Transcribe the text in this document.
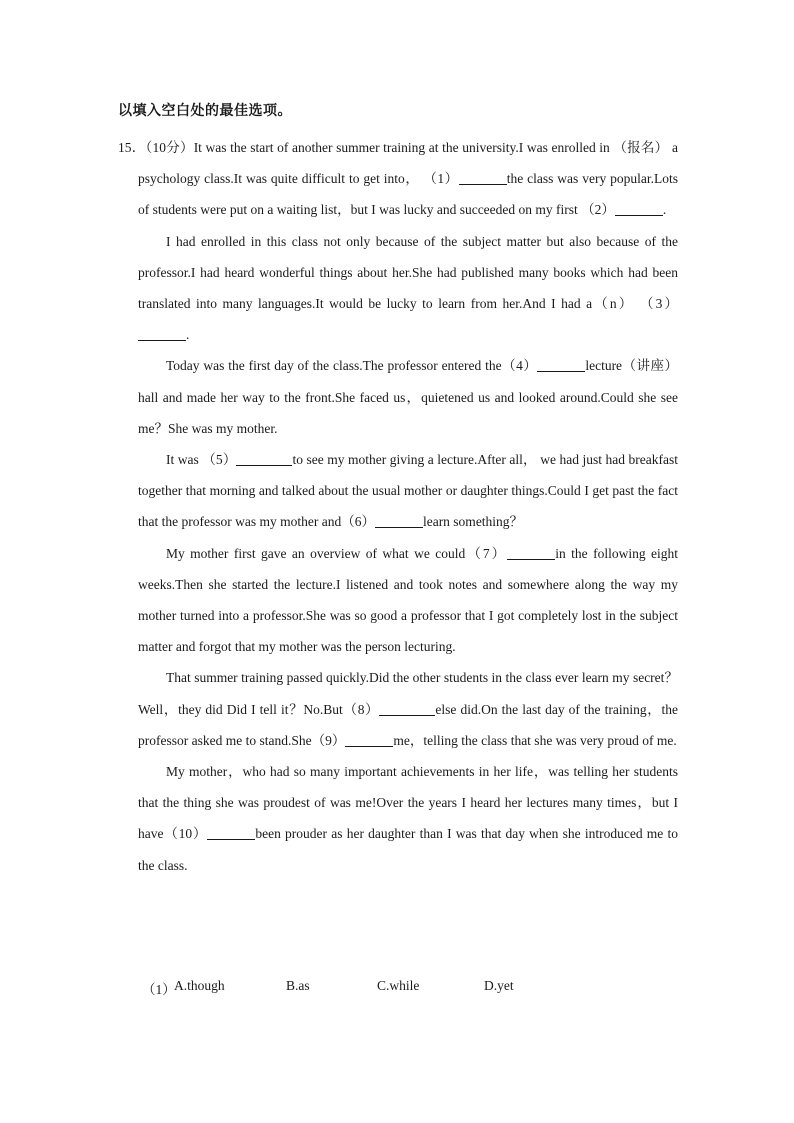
以填入空白处的最佳选项。

15．（10分）It was the start of another summer training at the university.I was enrolled in （报名） a psychology class.It was quite difficult to get into， （1）	the class was very popular.Lots of students were put on a waiting list，but I was lucky and succeeded on my first （2）	.

I had enrolled in this class not only because of the subject matter but also because of the professor.I had heard wonderful things about her.She had published many books which had been translated into many languages.It would be lucky to learn from her.And I had a（n） （3）.

Today was the first day of the class.The professor entered the（4）	lecture（讲座） hall and made her way to the front.She faced us，quietened us and looked around.Could she see me？She was my mother.

It was （5）	to see my mother giving a lecture.After all， we had just had breakfast together that morning and talked about the usual mother or daughter things.Could I get past the fact that the professor was my mother and（6）	learn something？

My mother first gave an overview of what we could（7）	in the following eight weeks.Then she started the lecture.I listened and took notes and somewhere along the way my mother turned into a professor.She was so good a professor that I got completely lost in the subject matter and forgot that my mother was the person lecturing.

That summer training passed quickly.Did the other students in the class ever learn my secret？Well，they did Did I tell it？No.But（8）	else did.On the last day of the training，the professor asked me to stand.She（9）	me，telling the class that she was very proud of me.

My mother，who had so many important achievements in her life，was telling her students that the thing she was proudest of was me!Over the years I heard her lectures many times，but I have（10）	been prouder as her daughter than I was that day when she introduced me to the class.

（1）
A.though	B.as	C.while	D.yet
